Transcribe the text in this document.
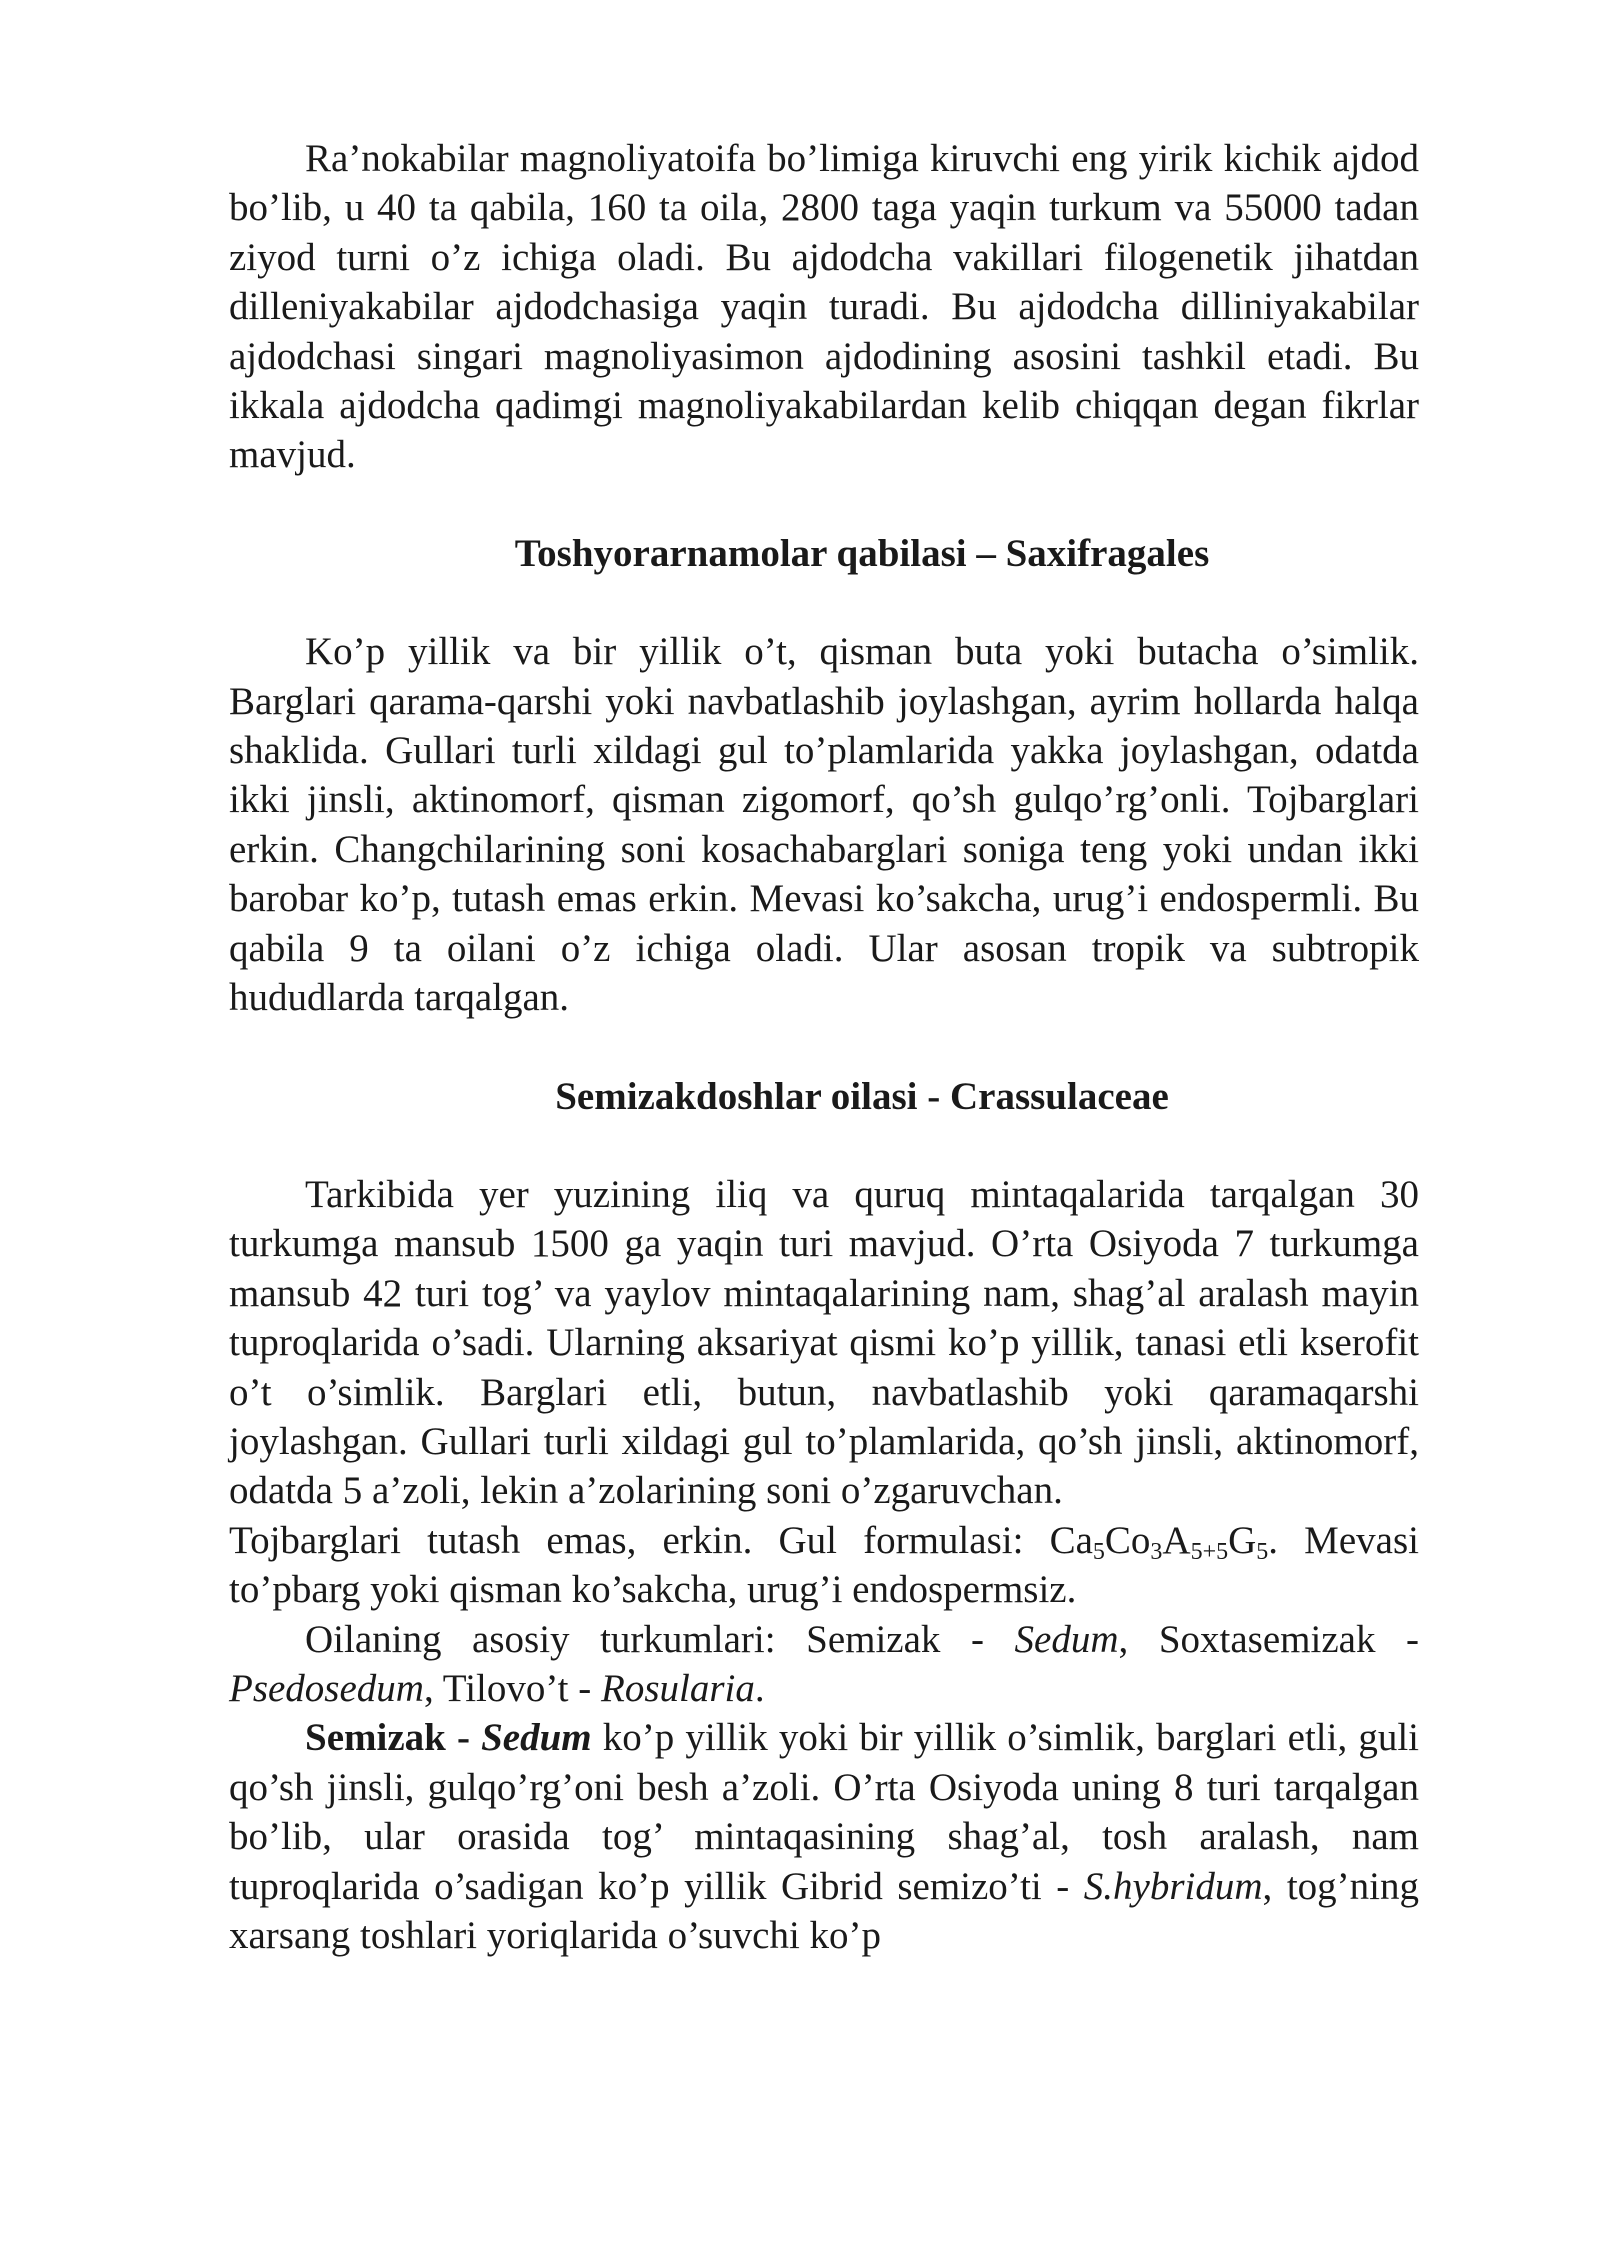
Ra’nokabilar magnoliyatoifa bo’limiga kiruvchi eng yirik kichik ajdod bo’lib, u 40 ta qabila, 160 ta oila, 2800 taga yaqin turkum va 55000 tadan ziyod turni o’z ichiga oladi. Bu ajdodcha vakillari filogenetik jihatdan dilleniyakabilar ajdodchasiga yaqin turadi. Bu ajdodcha dilliniyakabilar ajdodchasi singari magnoliyasimon ajdodining asosini tashkil etadi. Bu ikkala ajdodcha qadimgi magnoliyakabilardan kelib chiqqan degan fikrlar mavjud.

Toshyorarnamolar qabilasi – Saxifragales

Ko’p yillik va bir yillik o’t, qisman buta yoki butacha o’simlik. Barglari qarama-qarshi yoki navbatlashib joylashgan, ayrim hollarda halqa shaklida. Gullari turli xildagi gul to’plamlarida yakka joylashgan, odatda ikki jinsli, aktinomorf, qisman zigomorf, qo’sh gulqo’rg’onli. Tojbarglari erkin. Changchilarining soni kosachabarglari soniga teng yoki undan ikki barobar ko’p, tutash emas erkin. Mevasi ko’sakcha, urug’i endospermli. Bu qabila 9 ta oilani o’z ichiga oladi. Ular asosan tropik va subtropik hududlarda tarqalgan.

Semizakdoshlar oilasi - Crassulaceae

Tarkibida yer yuzining iliq va quruq mintaqalarida tarqalgan 30 turkumga mansub 1500 ga yaqin turi mavjud. O’rta Osiyoda 7 turkumga mansub 42 turi tog’ va yaylov mintaqalarining nam, shag’al aralash mayin tuproqlarida o’sadi. Ularning aksariyat qismi ko’p yillik, tanasi etli kserofit o’t o’simlik. Barglari etli, butun, navbatlashib yoki qaramaqarshi joylashgan. Gullari turli xildagi gul to’plamlarida, qo’sh jinsli, aktinomorf, odatda 5 a’zoli, lekin a’zolarining soni o’zgaruvchan.

Tojbarglari tutash emas, erkin. Gul formulasi: $Ca_5Co_3A_{5+5}G_5$. Mevasi to’pbarg yoki qisman ko’sakcha, urug’i endospermsiz.

Oilaning asosiy turkumlari: Semizak - Sedum, Soxtasemizak - Psedosedum, Tilovo’t - Rosularia.

Semizak - Sedum ko’p yillik yoki bir yillik o’simlik, barglari etli, guli qo’sh jinsli, gulqo’rg’oni besh a’zoli. O’rta Osiyoda uning 8 turi tarqalgan bo’lib, ular orasida tog’ mintaqasining shag’al, tosh aralash, nam tuproqlarida o’sadigan ko’p yillik Gibrid semizo’ti - S.hybridum, tog’ning xarsang toshlari yoriqlarida o’suvchi ko’p
